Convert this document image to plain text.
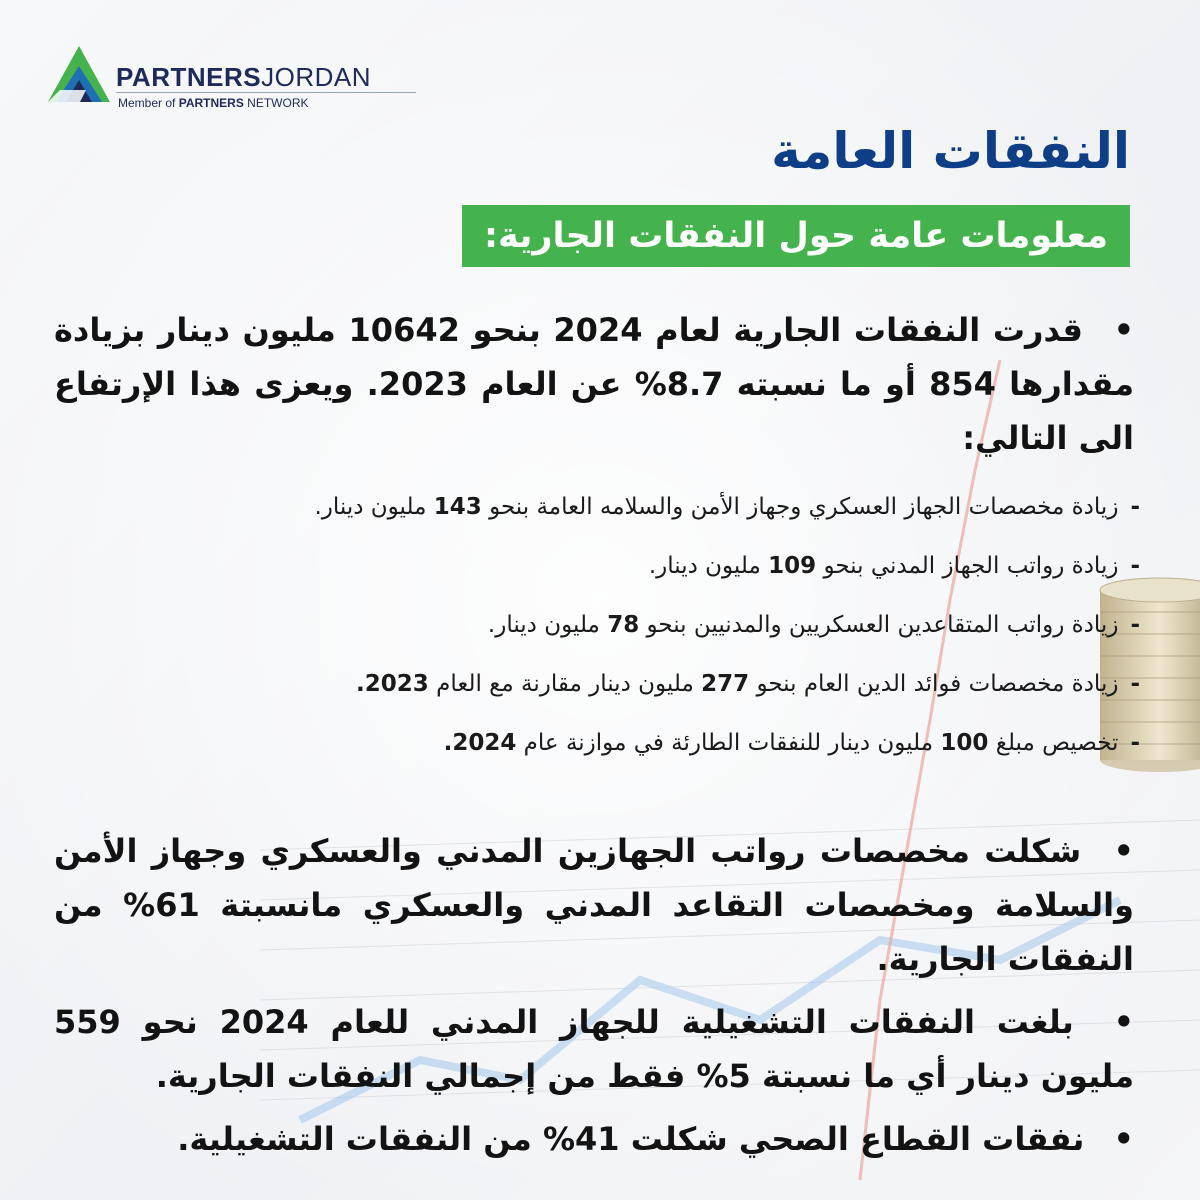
PARTNERSJORDAN
Member of PARTNERS NETWORK
النفقات العامة
معلومات عامة حول النفقات الجارية:
• قدرت النفقات الجارية لعام 2024 بنحو 10642 مليون دينار بزيادة مقدارها 854 أو ما نسبته 8.7% عن العام 2023. ويعزى هذا الإرتفاع الى التالي:
-زيادة مخصصات الجهاز العسكري وجهاز الأمن والسلامه العامة بنحو 143 مليون دينار.
-زيادة رواتب الجهاز المدني بنحو 109 مليون دينار.
-زيادة رواتب المتقاعدين العسكريين والمدنيين بنحو 78 مليون دينار.
-زيادة مخصصات فوائد الدين العام بنحو 277 مليون دينار مقارنة مع العام 2023.
-تخصيص مبلغ 100 مليون دينار للنفقات الطارئة في موازنة عام 2024.
• شكلت مخصصات رواتب الجهازين المدني والعسكري وجهاز الأمن والسلامة ومخصصات التقاعد المدني والعسكري مانسبتة 61% من النفقات الجارية.
• بلغت النفقات التشغيلية للجهاز المدني للعام 2024 نحو 559 مليون دينار أي ما نسبتة 5% فقط من إجمالي النفقات الجارية.
• نفقات القطاع الصحي شكلت 41% من النفقات التشغيلية.
